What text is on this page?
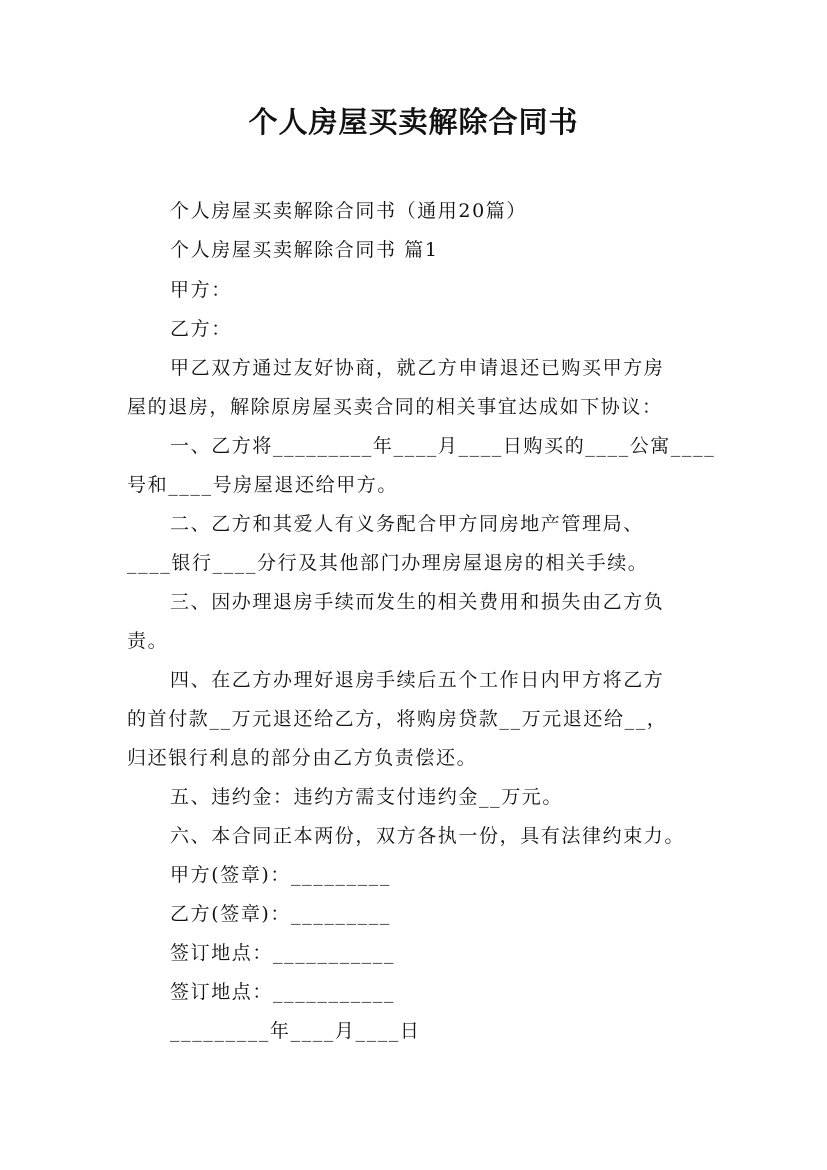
个人房屋买卖解除合同书
个人房屋买卖解除合同书（通用20篇）
个人房屋买卖解除合同书 篇1
甲方：
乙方：
甲乙双方通过友好协商，就乙方申请退还已购买甲方房
屋的退房，解除原房屋买卖合同的相关事宜达成如下协议：
一、乙方将_________年____月____日购买的____公寓____
号和____号房屋退还给甲方。
二、乙方和其爱人有义务配合甲方同房地产管理局、
____银行____分行及其他部门办理房屋退房的相关手续。
三、因办理退房手续而发生的相关费用和损失由乙方负
责。
四、在乙方办理好退房手续后五个工作日内甲方将乙方
的首付款__万元退还给乙方，将购房贷款__万元退还给__，
归还银行利息的部分由乙方负责偿还。
五、违约金：违约方需支付违约金__万元。
六、本合同正本两份，双方各执一份，具有法律约束力。
甲方(签章)：_________
乙方(签章)：_________
签订地点：___________
签订地点：___________
_________年____月____日
